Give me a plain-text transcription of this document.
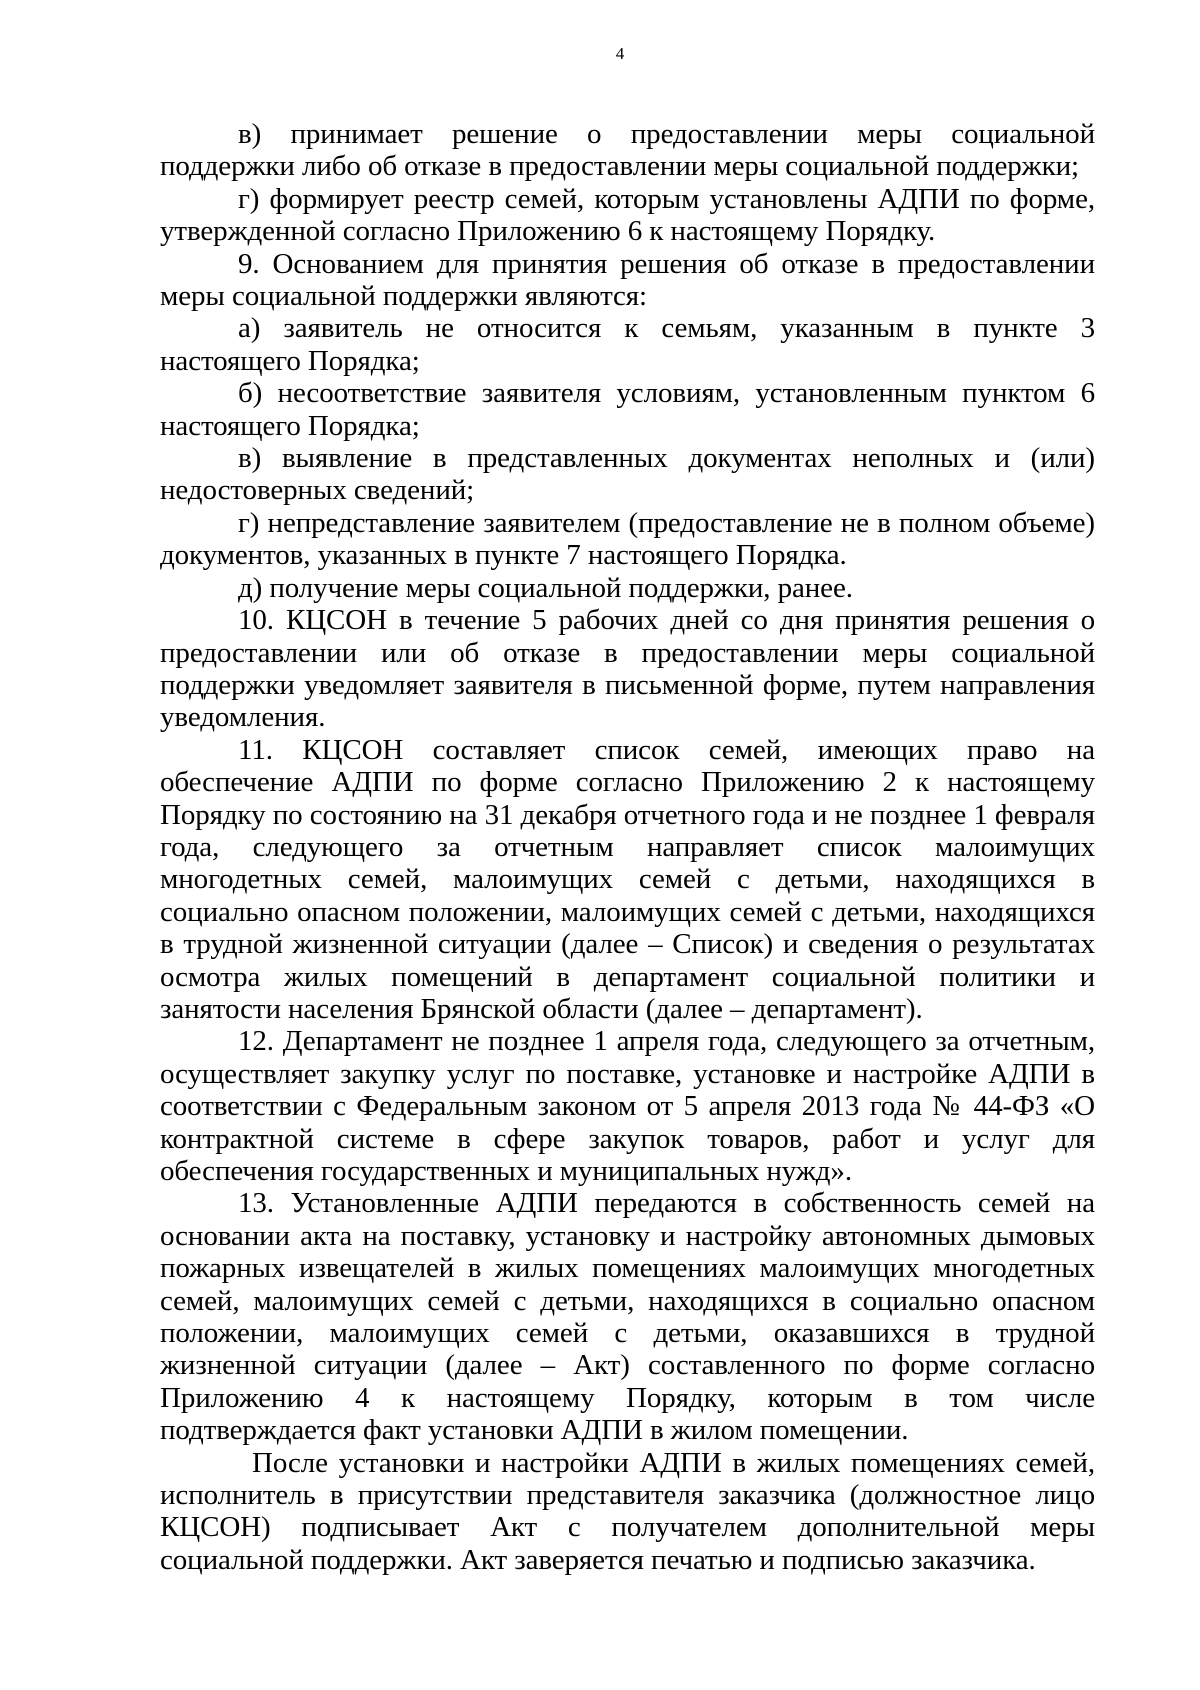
4

в) принимает решение о предоставлении меры социальной поддержки либо об отказе в предоставлении меры социальной поддержки;

г) формирует реестр семей, которым установлены АДПИ по форме, утвержденной согласно Приложению 6 к настоящему Порядку.

9. Основанием для принятия решения об отказе в предоставлении меры социальной поддержки являются:

а) заявитель не относится к семьям, указанным в пункте 3 настоящего Порядка;

б) несоответствие заявителя условиям, установленным пунктом 6 настоящего Порядка;

в) выявление в представленных документах неполных и (или) недостоверных сведений;

г) непредставление заявителем (предоставление не в полном объеме) документов, указанных в пункте 7 настоящего Порядка.

д) получение меры социальной поддержки, ранее.

10. КЦСОН в течение 5 рабочих дней со дня принятия решения о предоставлении или об отказе в предоставлении меры социальной поддержки уведомляет заявителя в письменной форме, путем направления уведомления.

11. КЦСОН составляет список семей, имеющих право на обеспечение АДПИ по форме согласно Приложению 2 к настоящему Порядку по состоянию на 31 декабря отчетного года и не позднее 1 февраля года, следующего за отчетным направляет список малоимущих многодетных семей, малоимущих семей с детьми, находящихся в социально опасном положении, малоимущих семей с детьми, находящихся в трудной жизненной ситуации (далее – Список) и сведения о результатах осмотра жилых помещений в департамент социальной политики и занятости населения Брянской области (далее – департамент).

12. Департамент не позднее 1 апреля года, следующего за отчетным, осуществляет закупку услуг по поставке, установке и настройке АДПИ в соответствии с Федеральным законом от 5 апреля 2013 года № 44-ФЗ «О контрактной системе в сфере закупок товаров, работ и услуг для обеспечения государственных и муниципальных нужд».

13. Установленные АДПИ передаются в собственность семей на основании акта на поставку, установку и настройку автономных дымовых пожарных извещателей в жилых помещениях малоимущих многодетных семей, малоимущих семей с детьми, находящихся в социально опасном положении, малоимущих семей с детьми, оказавшихся в трудной жизненной ситуации (далее – Акт) составленного по форме согласно Приложению 4 к настоящему Порядку, которым в том числе подтверждается факт установки АДПИ в жилом помещении.

После установки и настройки АДПИ в жилых помещениях семей, исполнитель в присутствии представителя заказчика (должностное лицо КЦСОН) подписывает Акт с получателем дополнительной меры социальной поддержки. Акт заверяется печатью и подписью заказчика.
